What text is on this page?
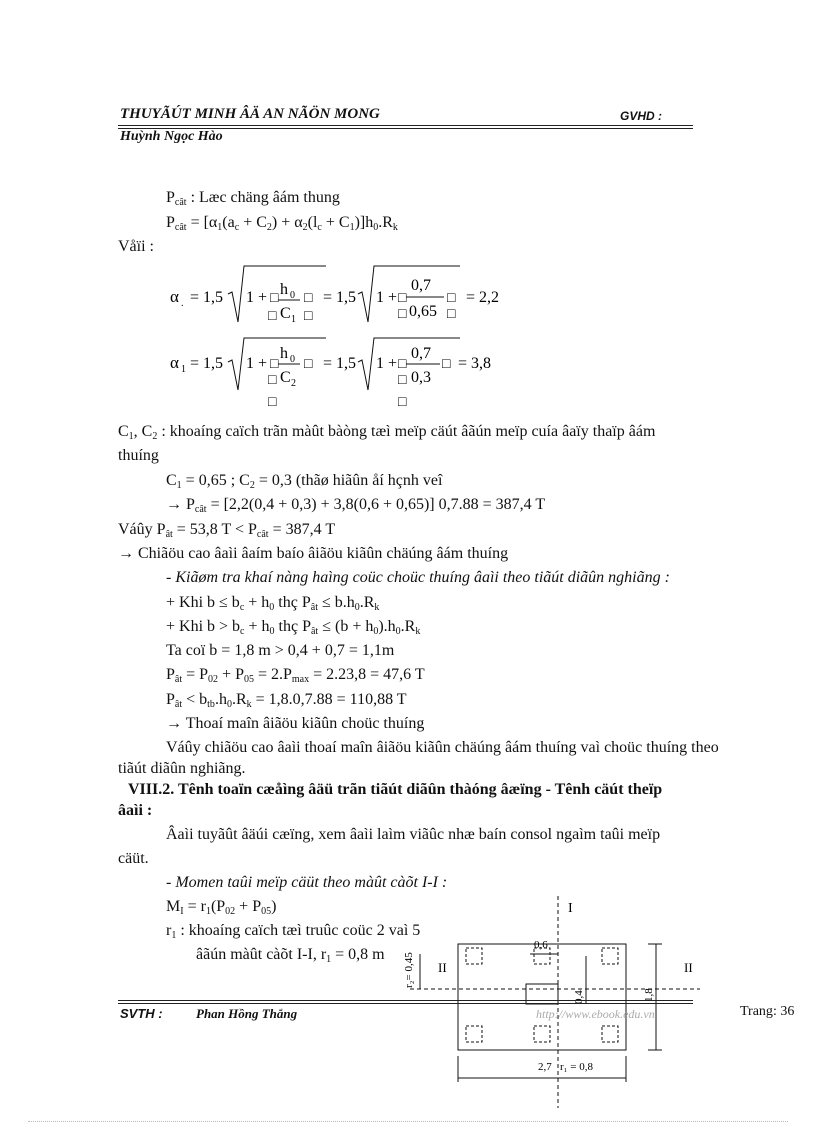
THUYÃÚT MINH ÂÄ AN NÃÖN MONG	GVHD :
Huỳnh Ngọc Hào
$P_{cât}$ : Læc chäng âám thung
$P_{cât} = [\alpha_1(a_c + C_2) + \alpha_2(l_c + C_1)]h_0.R_k$
Våïi :
α . = 1,5 1 + □
h 0
□ C 1
□
□
= 1,5 1 + □
0,7
□ 0,65
□
□
= 2,2
α 1 = 1,5 1 + □
h 0
□ C 2
□
□ = 1,5 1 + □
0,7
□ 0,3
□
□ = 3,8
$C_1$, $C_2$ : khoaíng caïch trãn màût bàòng tæì meïp cäút âãún meïp cuía âaïy thaïp âám
thuíng
$C_1 = 0,65$ ; $C_2 = 0,3$ (thãø hiãûn åí hçnh veî
→ $P_{cât} = [2,2(0,4 + 0,3) + 3,8(0,6 + 0,65)] 0,7.88 = 387,4$ T
Váûy $P_{ât} = 53,8$ $T < P_{cât} = 387,4$ T
→ Chiãöu cao âaìi âaím baío âiãöu kiãûn chäúng âám thuíng
- Kiãøm tra khaí nàng haìng coüc choüc thuíng âaìi theo tiãút diãûn nghiãng :
+ Khi $b \le b_c + h_0$ thç $P_{ât} \le b.h_0.R_k$
+ Khi $b > b_c + h_0$ thç $P_{ât} \le (b + h_0).h_0.R_k$
Ta coï b = 1,8 m > 0,4 + 0,7 = 1,1m
$P_{ât} = P_{02} + P_{05} = 2.P_{max} = 2.23,8 = 47,6$ T
$P_{ât} < b_{tb}.h_0.R_k = 1,8.0,7.88 = 110,88$ T
→ Thoaí maîn âiãöu kiãûn choüc thuíng
Váûy chiãöu cao âaìi thoaí maîn âiãöu kiãûn chäúng âám thuíng vaì choüc thuíng theo
tiãút diãûn nghiãng.
VIII.2. Tênh toaïn cæåìng âäü trãn tiãút diãûn thàóng âæïng - Tênh cäút theïp
âaìi :
Âaìi tuyãût âäúi cæïng, xem âaìi laìm viãûc nhæ baín consol ngaìm taûi meïp
cäüt.
- Momen taûi meïp cäüt theo màût càõt I-I :
$M_I = r_1(P_{02} + P_{05})$
$r_1$ : khoaíng caïch tæì truûc coüc 2 vaì 5
âãún màût càõt I-I, $r_1 = 0,8$ m
I
II	II
0,6
0,4
r₂= 0,45
1,8
2,7 r₁ = 0,8
SVTH :	Phan Hồng Thắng	http://www.ebook.edu.vn	Trang: 36
